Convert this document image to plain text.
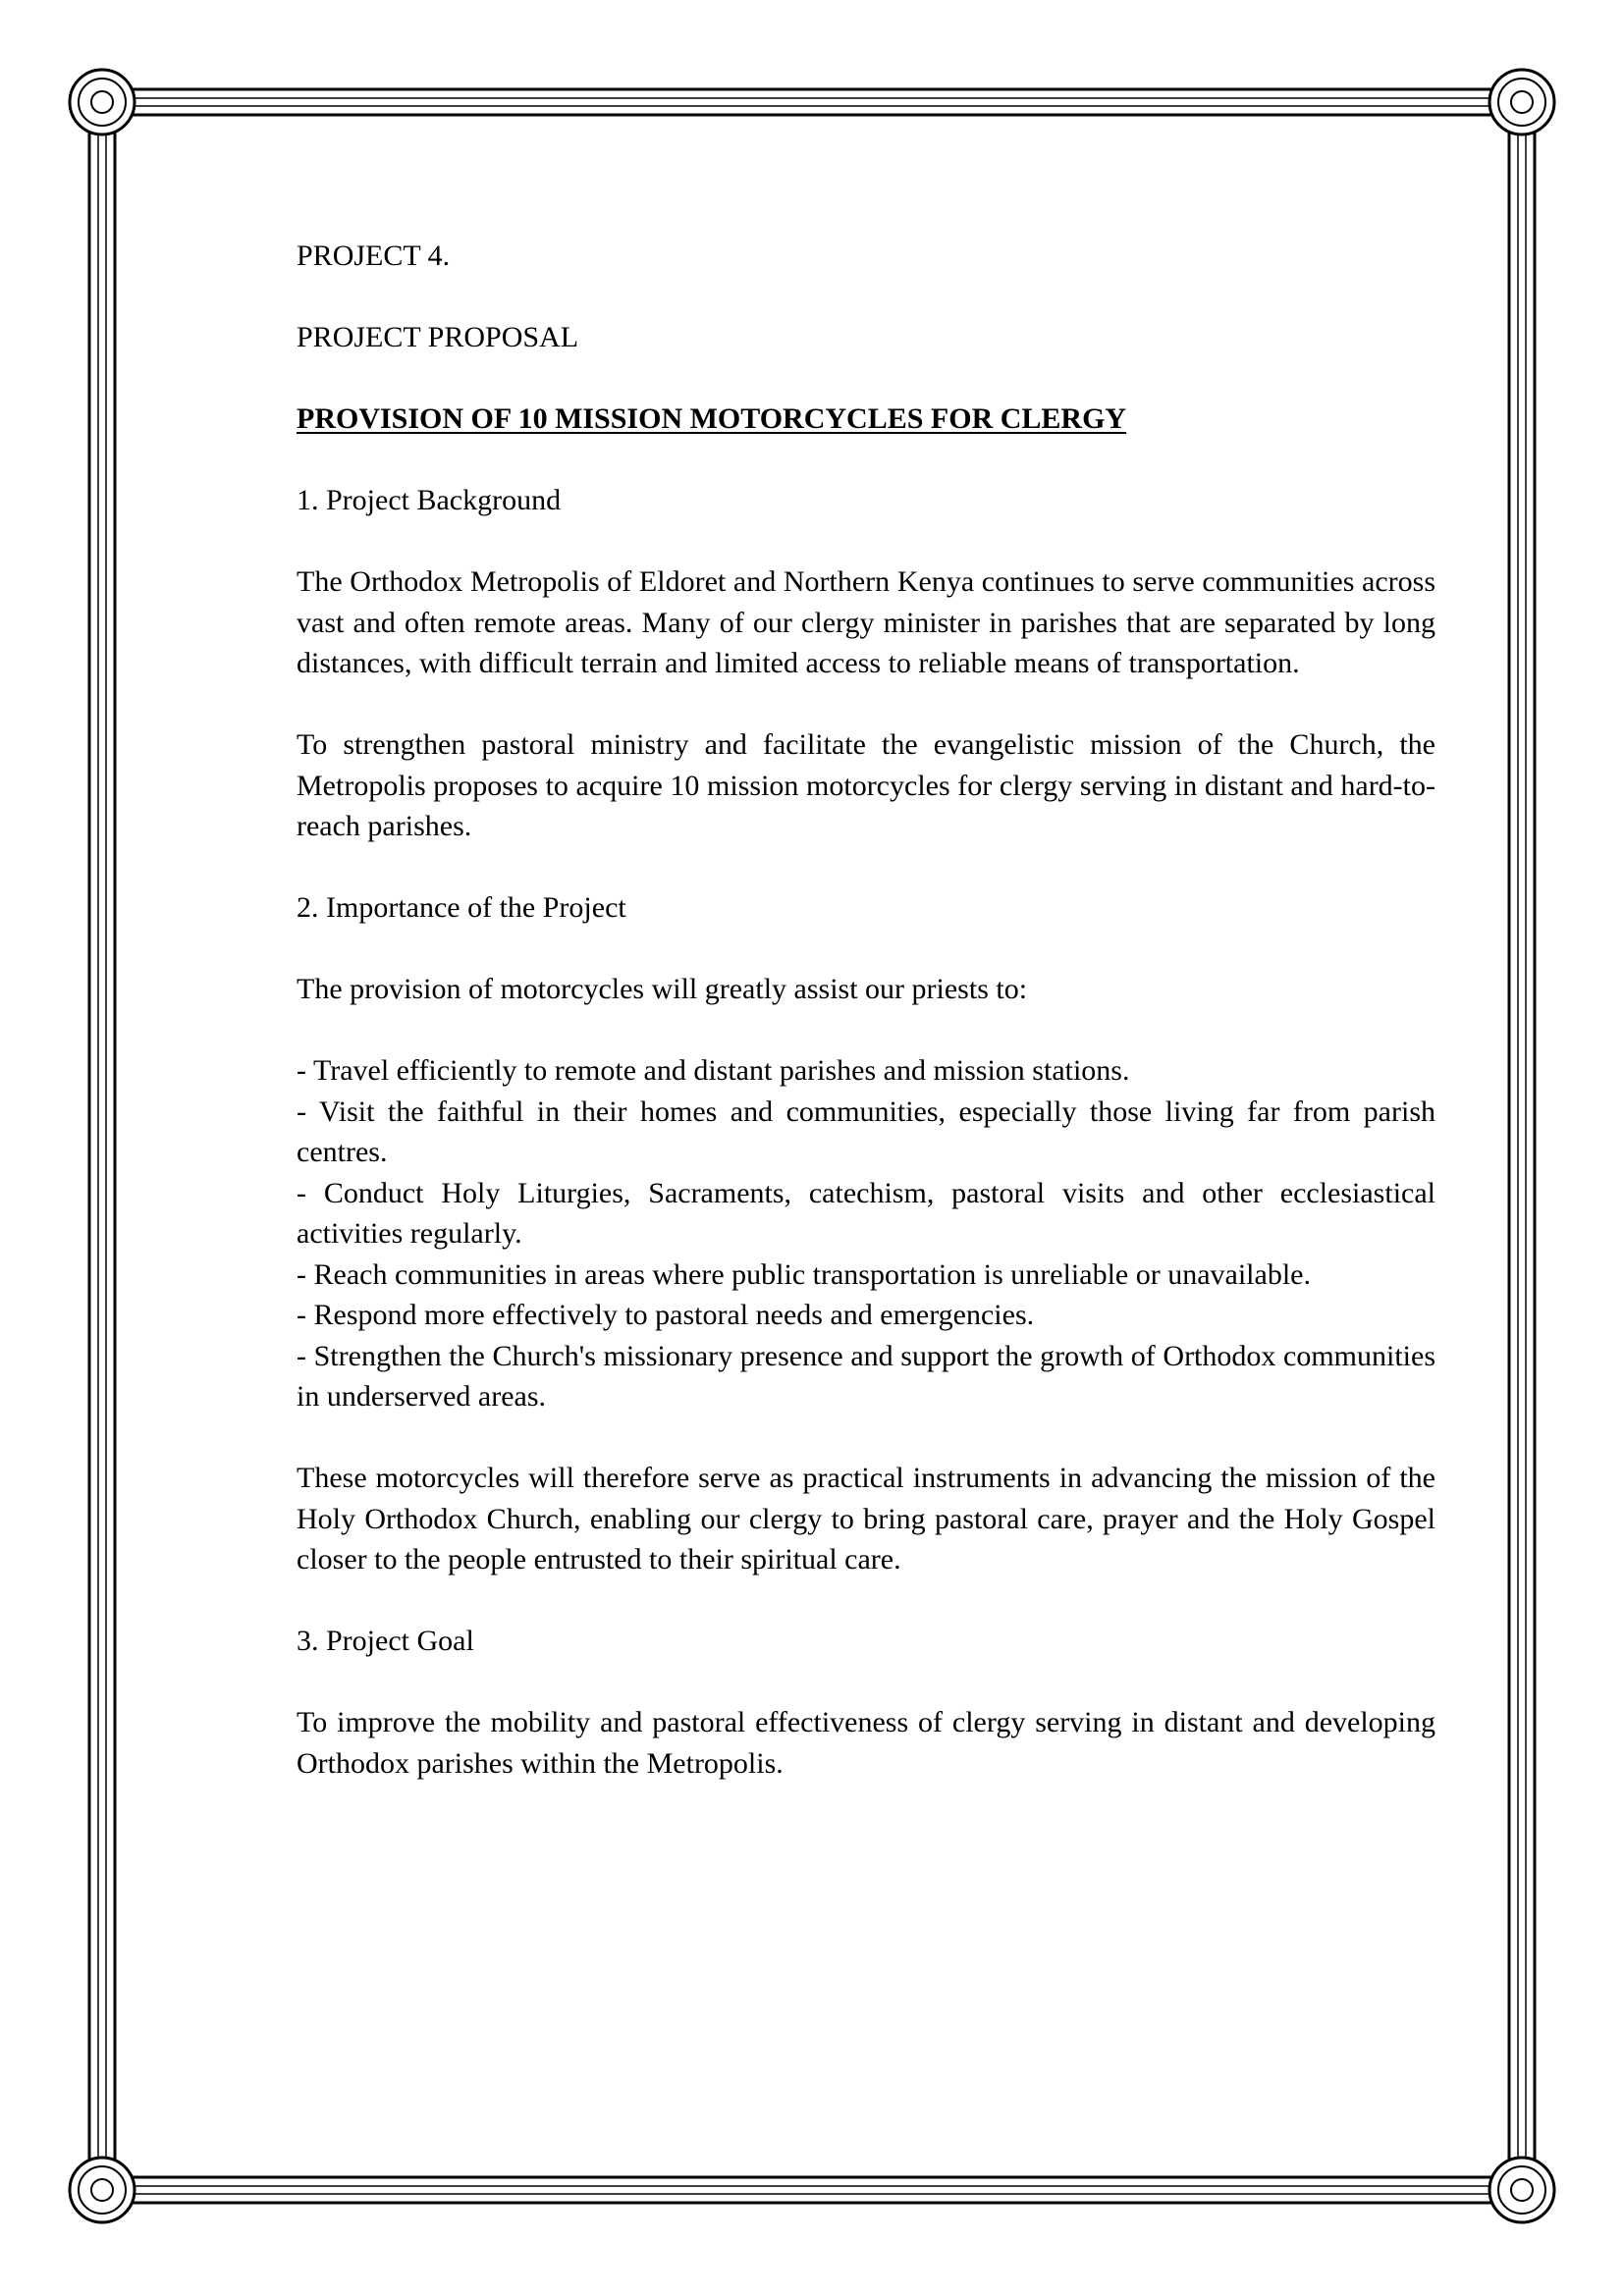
PROJECT 4.

PROJECT PROPOSAL

PROVISION OF 10 MISSION MOTORCYCLES FOR CLERGY

1. Project Background

The Orthodox Metropolis of Eldoret and Northern Kenya continues to serve communities across vast and often remote areas. Many of our clergy minister in parishes that are separated by long distances, with difficult terrain and limited access to reliable means of transportation.

To strengthen pastoral ministry and facilitate the evangelistic mission of the Church, the Metropolis proposes to acquire 10 mission motorcycles for clergy serving in distant and hard-to-reach parishes.

2. Importance of the Project

The provision of motorcycles will greatly assist our priests to:

- Travel efficiently to remote and distant parishes and mission stations.
- Visit the faithful in their homes and communities, especially those living far from parish centres.
- Conduct Holy Liturgies, Sacraments, catechism, pastoral visits and other ecclesiastical activities regularly.
- Reach communities in areas where public transportation is unreliable or unavailable.
- Respond more effectively to pastoral needs and emergencies.
- Strengthen the Church's missionary presence and support the growth of Orthodox communities in underserved areas.

These motorcycles will therefore serve as practical instruments in advancing the mission of the Holy Orthodox Church, enabling our clergy to bring pastoral care, prayer and the Holy Gospel closer to the people entrusted to their spiritual care.

3. Project Goal

To improve the mobility and pastoral effectiveness of clergy serving in distant and developing Orthodox parishes within the Metropolis.
